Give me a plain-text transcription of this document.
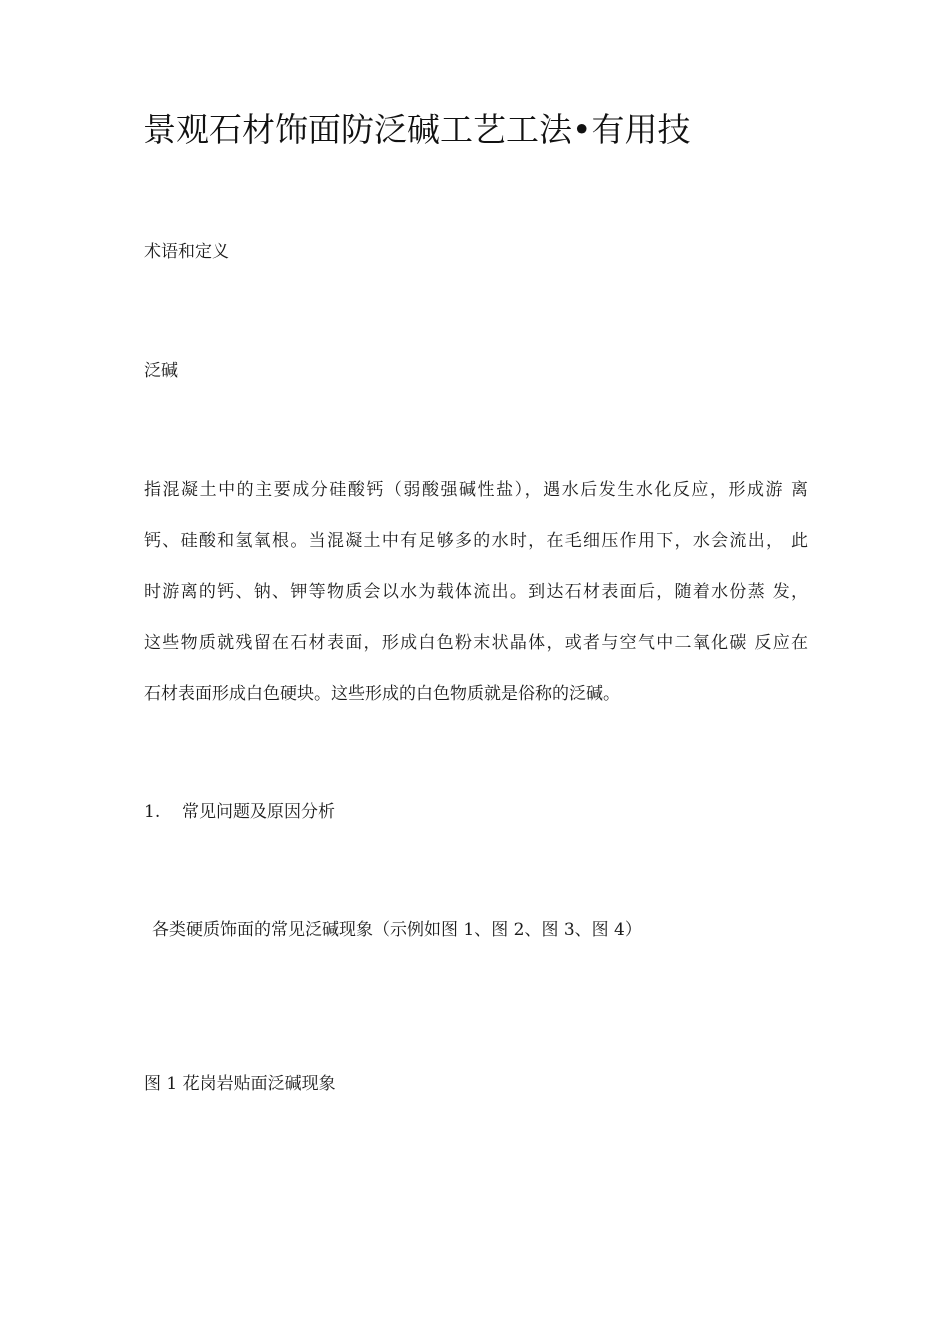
景观石材饰面防泛碱工艺工法•有用技
术语和定义
泛碱
指混凝土中的主要成分硅酸钙（弱酸强碱性盐），遇水后发生水化反应，形成游 离
钙、硅酸和氢氧根。当混凝土中有足够多的水时，在毛细压作用下，水会流出， 此
时游离的钙、钠、钾等物质会以水为载体流出。到达石材表面后，随着水份蒸 发，
这些物质就残留在石材表面，形成白色粉末状晶体，或者与空气中二氧化碳 反应在
石材表面形成白色硬块。这些形成的白色物质就是俗称的泛碱。
1. 常见问题及原因分析
各类硬质饰面的常见泛碱现象（示例如图 1、图 2、图 3、图 4）
图 1 花岗岩贴面泛碱现象
